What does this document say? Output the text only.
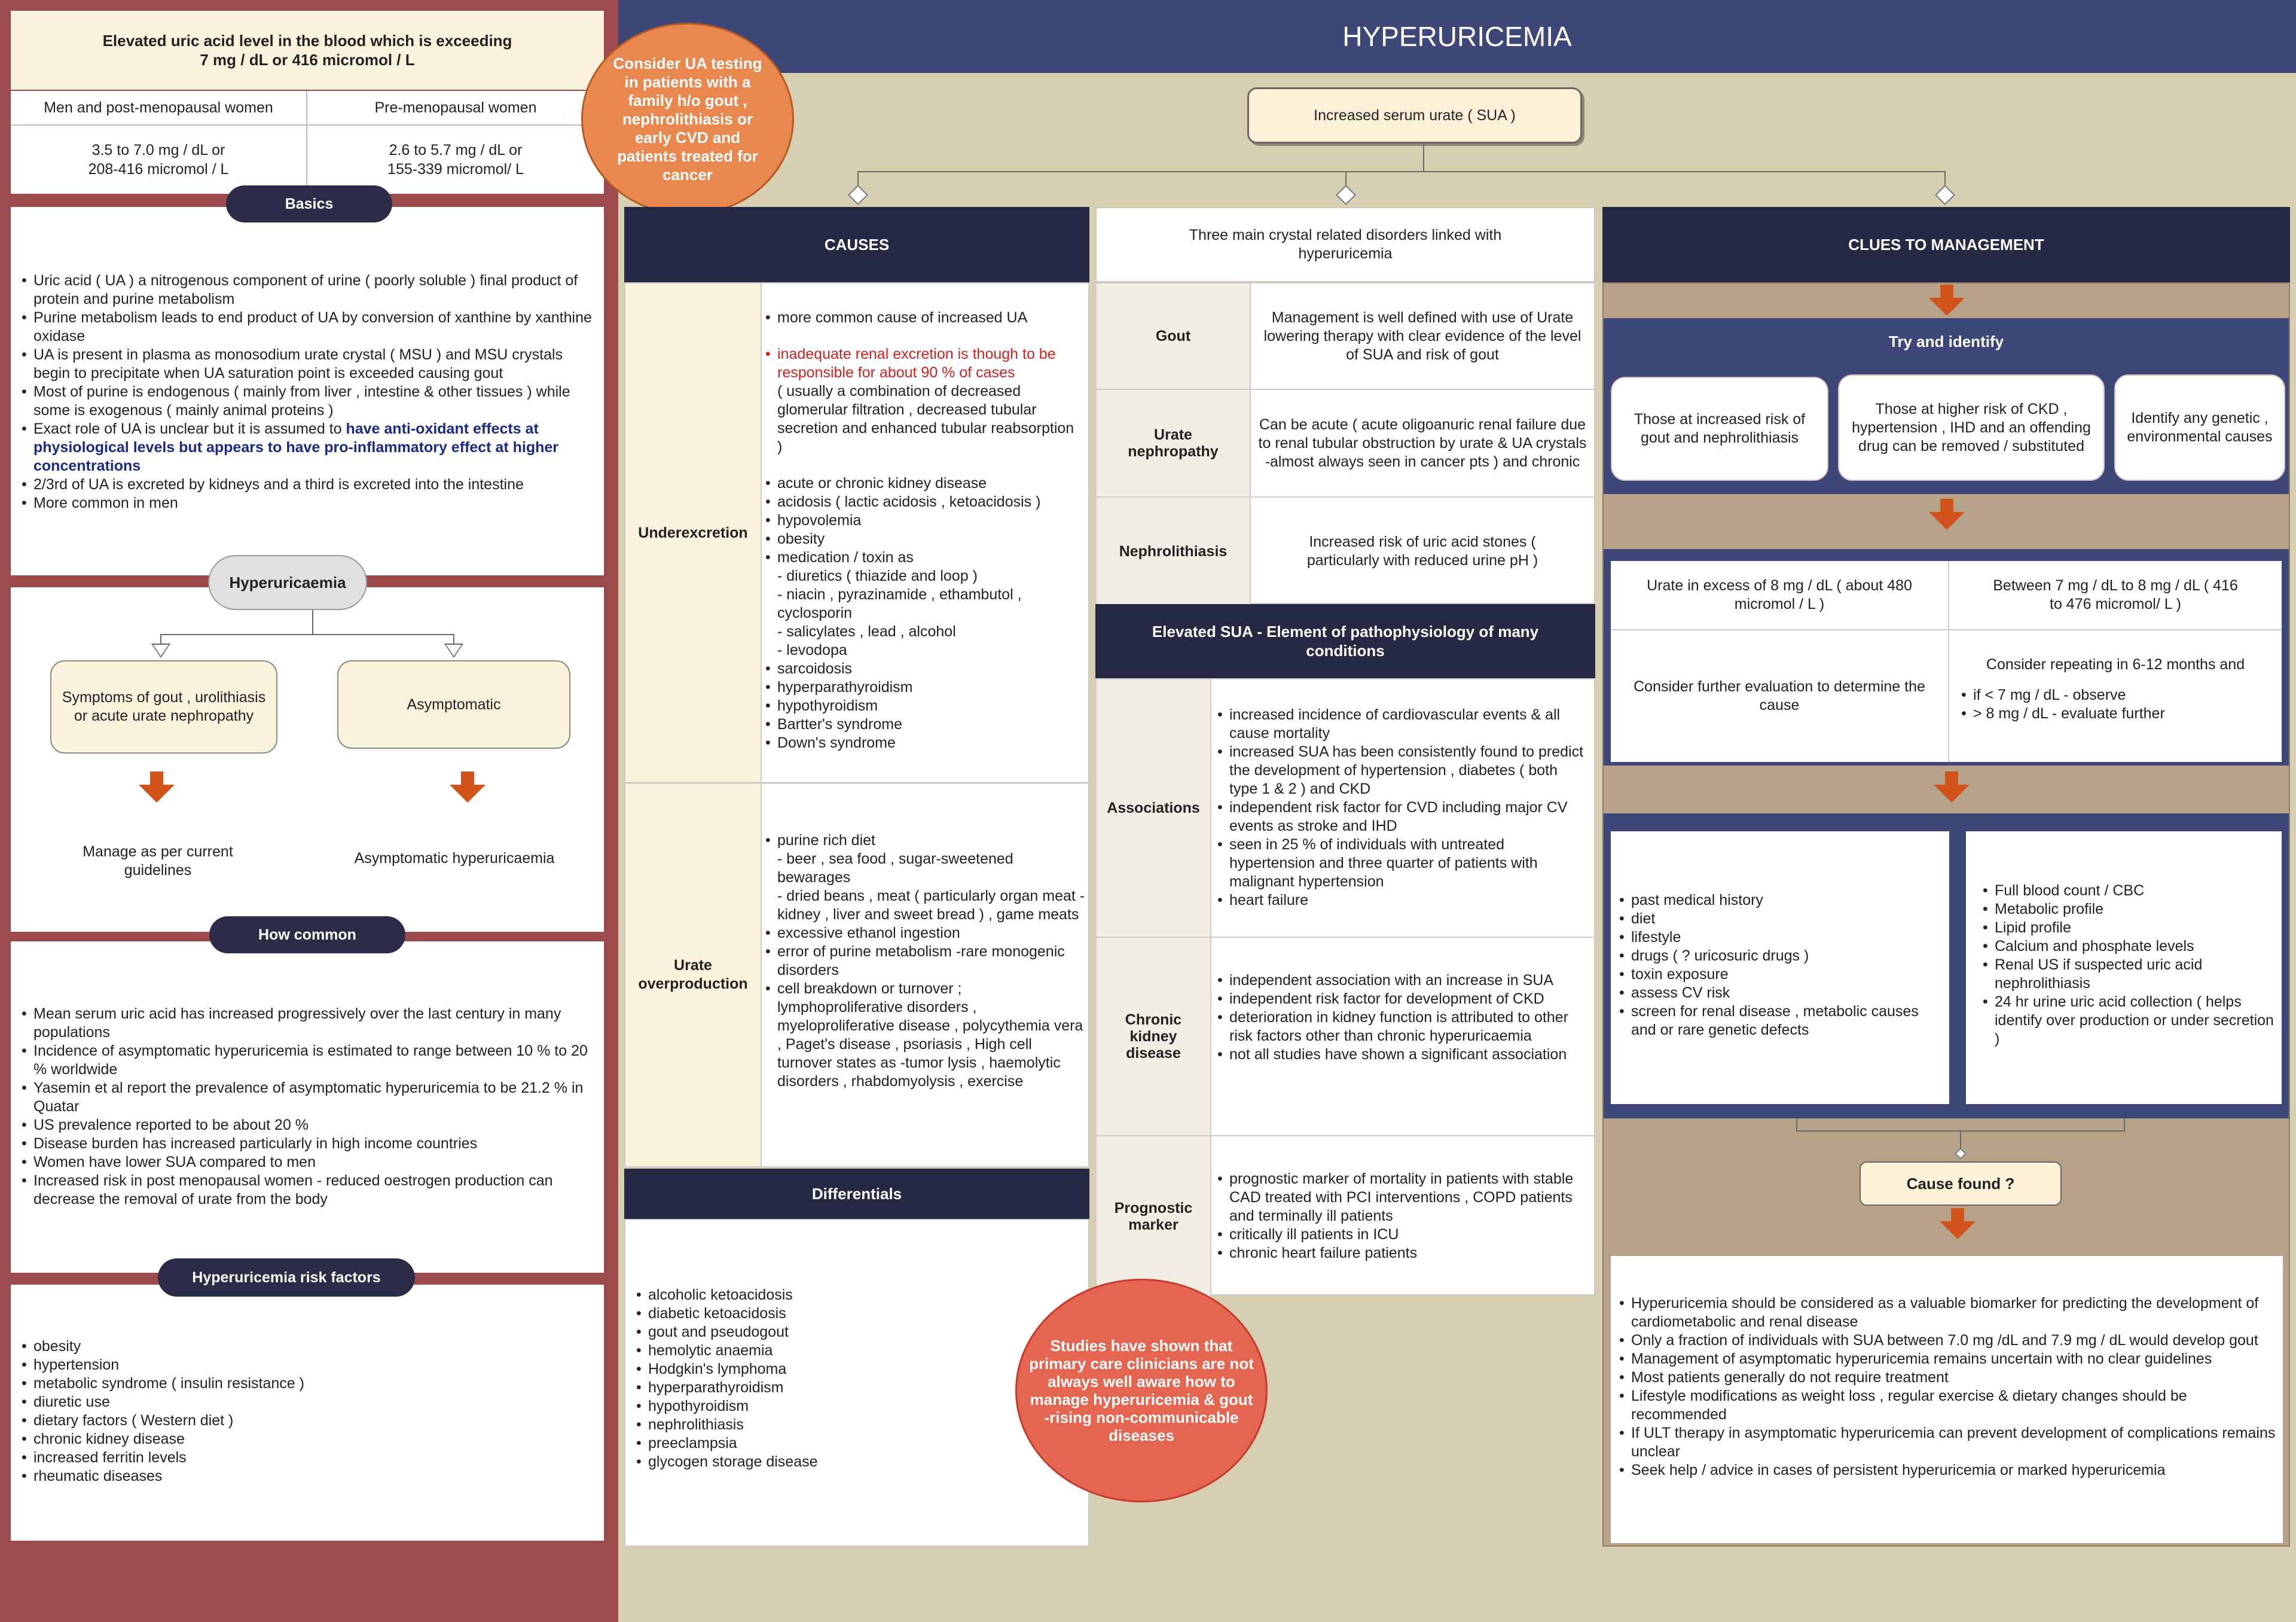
HYPERURICEMIA
Elevated uric acid level in the blood which is exceeding
7 mg / dL or 416 micromol / L
Men and post-menopausal women	Pre-menopausal women
3.5 to 7.0 mg / dL or
208-416 micromol / L
2.6 to 5.7 mg / dL or
155-339 micromol/ L
• Uric acid ( UA ) a nitrogenous component of urine ( poorly soluble ) final product of protein and purine metabolism
• Purine metabolism leads to end product of UA by conversion of xanthine by xanthine oxidase
• UA is present in plasma as monosodium urate crystal ( MSU ) and MSU crystals begin to precipitate when UA saturation point is exceeded causing gout
• Most of purine is endogenous ( mainly from liver , intestine & other tissues ) while some is exogenous ( mainly animal proteins )
• Exact role of UA is unclear but it is assumed to have anti-oxidant effects at physiological levels but appears to have pro-inflammatory effect at higher concentrations
• 2/3rd of UA is excreted by kidneys and a third is excreted into the intestine
• More common in men
Basics
Hyperuricaemia
Symptoms of gout , urolithiasis or acute urate nephropathy
Asymptomatic
Manage as per current guidelines
Asymptomatic hyperuricaemia
• Mean serum uric acid has increased progressively over the last century in many populations
• Incidence of asymptomatic hyperuricemia is estimated to range between 10 % to 20 % worldwide
• Yasemin et al report the prevalence of asymptomatic hyperuricemia to be 21.2 % in Quatar
• US prevalence reported to be about 20 %
• Disease burden has increased particularly in high income countries
• Women have lower SUA compared to men
• Increased risk in post menopausal women - reduced oestrogen production can decrease the removal of urate from the body
How common
• obesity
• hypertension
• metabolic syndrome ( insulin resistance )
• diuretic use
• dietary factors ( Western diet )
• chronic kidney disease
• increased ferritin levels
• rheumatic diseases
Hyperuricemia risk factors
Consider UA testing in patients with a family h/o gout , nephrolithiasis or early CVD and patients treated for cancer
Increased serum urate ( SUA )
CAUSES
Underexcretion
• more common cause of increased UA
• inadequate renal excretion is though to be responsible for about 90 % of cases
( usually a combination of decreased glomerular filtration , decreased tubular secretion and enhanced tubular reabsorption )
• acute or chronic kidney disease
• acidosis ( lactic acidosis , ketoacidosis )
• hypovolemia
• obesity
• medication / toxin as
- diuretics ( thiazide and loop )
- niacin , pyrazinamide , ethambutol , cyclosporin
- salicylates , lead , alcohol
- levodopa
• sarcoidosis
• hyperparathyroidism
• hypothyroidism
• Bartter's syndrome
• Down's syndrome
Urate overproduction
• purine rich diet
- beer , sea food , sugar-sweetened bewarages
- dried beans , meat ( particularly organ meat -kidney , liver and sweet bread ) , game meats
• excessive ethanol ingestion
• error of purine metabolism -rare monogenic disorders
• cell breakdown or turnover ; lymphoproliferative disorders , myeloproliferative disease , polycythemia vera , Paget's disease , psoriasis , High cell turnover states as -tumor lysis , haemolytic disorders , rhabdomyolysis , exercise
Differentials
• alcoholic ketoacidosis
• diabetic ketoacidosis
• gout and pseudogout
• hemolytic anaemia
• Hodgkin's lymphoma
• hyperparathyroidism
• hypothyroidism
• nephrolithiasis
• preeclampsia
• glycogen storage disease
Three main crystal related disorders linked with hyperuricemia
Gout
Management is well defined with use of Urate lowering therapy with clear evidence of the level of SUA and risk of gout
Urate nephropathy
Can be acute ( acute oligoanuric renal failure due to renal tubular obstruction by urate & UA crystals -almost always seen in cancer pts ) and chronic
Nephrolithiasis
Increased risk of uric acid stones ( particularly with reduced urine pH )
Elevated SUA - Element of pathophysiology of many conditions
Associations
• increased incidence of cardiovascular events & all cause mortality
• increased SUA has been consistently found to predict the development of hypertension , diabetes ( both type 1 & 2 ) and CKD
• independent risk factor for CVD including major CV events as stroke and IHD
• seen in 25 % of individuals with untreated hypertension and three quarter of patients with malignant hypertension
• heart failure
Chronic kidney disease
• independent association with an increase in SUA
• independent risk factor for development of CKD
• deterioration in kidney function is attributed to other risk factors other than chronic hyperuricaemia
• not all studies have shown a significant association
Prognostic marker
• prognostic marker of mortality in patients with stable CAD treated with PCI interventions , COPD patients and terminally ill patients
• critically ill patients in ICU
• chronic heart failure patients
Studies have shown that primary care clinicians are not always well aware how to manage hyperuricemia & gout -rising non-communicable diseases
CLUES TO MANAGEMENT
Try and identify
Those at increased risk of gout and nephrolithiasis
Those at higher risk of CKD , hypertension , IHD and an offending drug can be removed / substituted
Identify any genetic , environmental causes
Urate in excess of 8 mg / dL ( about 480 micromol / L )
Between 7 mg / dL to 8 mg / dL ( 416 to 476 micromol/ L )
Consider further evaluation to determine the cause
Consider repeating in 6-12 months and
• if < 7 mg / dL - observe
• > 8 mg / dL - evaluate further
• past medical history
• diet
• lifestyle
• drugs ( ? uricosuric drugs )
• toxin exposure
• assess CV risk
• screen for renal disease , metabolic causes and or rare genetic defects
• Full blood count / CBC
• Metabolic profile
• Lipid profile
• Calcium and phosphate levels
• Renal US if suspected uric acid nephrolithiasis
• 24 hr urine uric acid collection ( helps identify over production or under secretion )
Cause found ?
• Hyperuricemia should be considered as a valuable biomarker for predicting the development of cardiometabolic and renal disease
• Only a fraction of individuals with SUA between 7.0 mg /dL and 7.9 mg / dL would develop gout
• Management of asymptomatic hyperuricemia remains uncertain with no clear guidelines
• Most patients generally do not require treatment
• Lifestyle modifications as weight loss , regular exercise & dietary changes should be recommended
• If ULT therapy in asymptomatic hyperuricemia can prevent development of complications remains unclear
• Seek help / advice in cases of persistent hyperuricemia or marked hyperuricemia
